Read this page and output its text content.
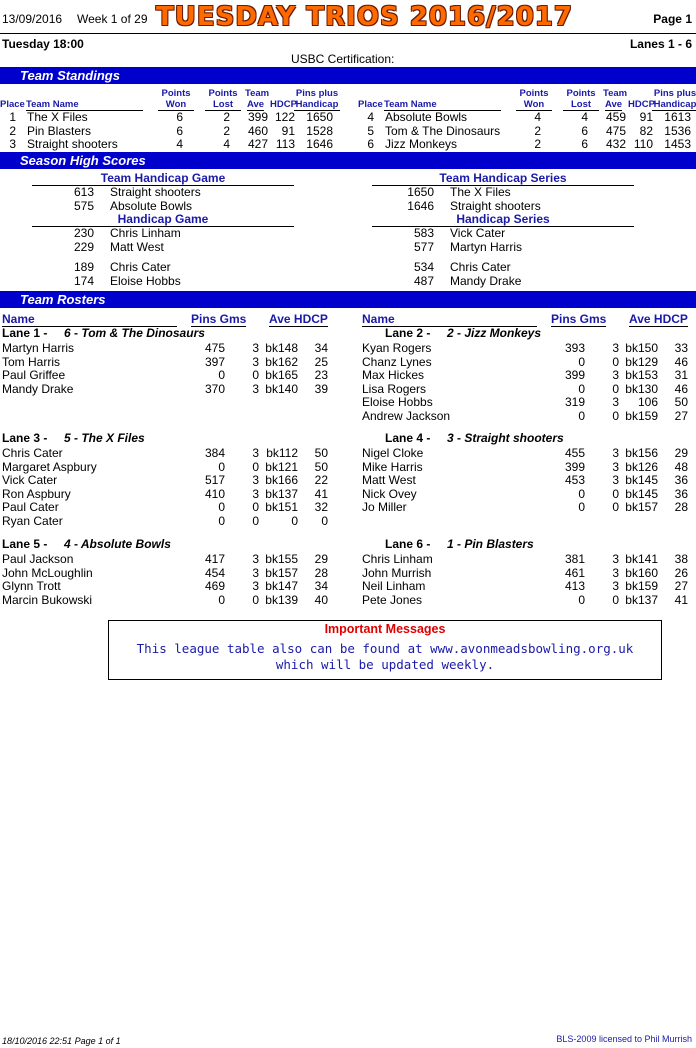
13/09/2016 Week 1 of 29 TUESDAY TRIOS 2016/2017	Page 1
Tuesday 18:00	Lanes 1 - 6
USBC Certification:
Team Standings
Place Team Name
Points
Won
Points
Lost
Team
Ave HDCP
Pins plus
Handicap
1 The X Files	6	2	399 122 1650
2 Pin Blasters	6	2	460	91 1528
3 Straight shooters	4	4	427 113 1646
Place Team Name
Points
Won
Points
Lost
Team
Ave HDCP
Pins plus
Handicap
4 Absolute Bowls	4	4	459	91 1613
5 Tom & The Dinosaurs	2	6	475	82 1536
6 Jizz Monkeys	2	6	432 110 1453
Season High Scores
Team Handicap Game
613 Straight shooters
575 Absolute Bowls
Team Handicap Series
1650 The X Files
1646 Straight shooters
Handicap Game
230 Chris Linham
229 Matt West
189 Chris Cater
174 Eloise Hobbs
Handicap Series
583 Vick Cater
577 Martyn Harris
534 Chris Cater
487 Mandy Drake
Team Rosters
Name	Pins Gms Ave HDCP	Name	Pins Gms Ave HDCP
Lane 1 - 6 - Tom & The Dinosaurs
Martyn Harris	475	3 bk148	34
Tom Harris	397	3 bk162	25
Paul Griffee	0	0 bk165	23
Mandy Drake	370	3 bk140	39
Lane 2 - 2 - Jizz Monkeys
Kyan Rogers	393	3 bk150	33
Chanz Lynes	0	0 bk129	46
Max Hickes	399	3 bk153	31
Lisa Rogers	0	0 bk130	46
Eloise Hobbs	319	3	106	50
Andrew Jackson	0	0 bk159	27
Lane 3 - 5 - The X Files
Chris Cater	384	3 bk112	50
Margaret Aspbury	0	0 bk121	50
Vick Cater	517	3 bk166	22
Ron Aspbury	410	3 bk137	41
Paul Cater	0	0 bk151	32
Ryan Cater	0	0	0	0
Lane 4 - 3 - Straight shooters
Nigel Cloke	455	3 bk156	29
Mike Harris	399	3 bk126	48
Matt West	453	3 bk145	36
Nick Ovey	0	0 bk145	36
Jo Miller	0	0 bk157	28
Lane 5 - 4 - Absolute Bowls
Paul Jackson	417	3 bk155	29
John McLoughlin	454	3 bk157	28
Glynn Trott	469	3 bk147	34
Marcin Bukowski	0	0 bk139	40
Lane 6 - 1 - Pin Blasters
Chris Linham	381	3 bk141	38
John Murrish	461	3 bk160	26
Neil Linham	413	3 bk159	27
Pete Jones	0	0 bk137	41
Important Messages
This league table also can be found at www.avonmeadsbowling.org.uk
which will be updated weekly.
18/10/2016 22:51 Page 1 of 1	BLS-2009 licensed to Phil Murrish
